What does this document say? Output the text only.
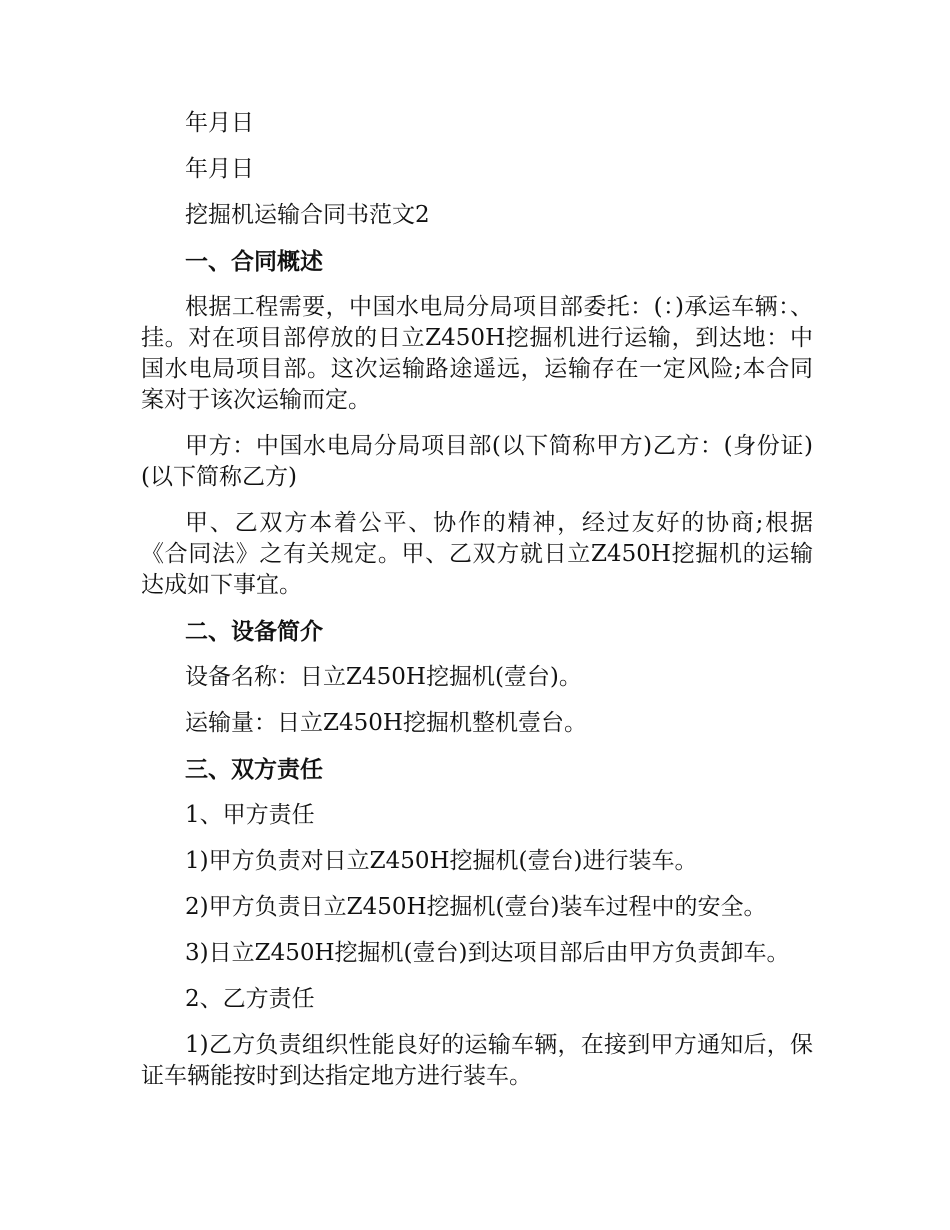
年月日

年月日

挖掘机运输合同书范文2

一、合同概述

根据工程需要，中国水电局分局项目部委托：(：)承运车辆：、挂。对在项目部停放的日立Z450H挖掘机进行运输，到达地：中国水电局项目部。这次运输路途遥远，运输存在一定风险;本合同案对于该次运输而定。

甲方：中国水电局分局项目部(以下简称甲方)乙方：(身份证)(以下简称乙方)

甲、乙双方本着公平、协作的精神，经过友好的协商;根据《合同法》之有关规定。甲、乙双方就日立Z450H挖掘机的运输达成如下事宜。

二、设备简介

设备名称：日立Z450H挖掘机(壹台)。

运输量：日立Z450H挖掘机整机壹台。

三、双方责任

1、甲方责任

1)甲方负责对日立Z450H挖掘机(壹台)进行装车。

2)甲方负责日立Z450H挖掘机(壹台)装车过程中的安全。

3)日立Z450H挖掘机(壹台)到达项目部后由甲方负责卸车。

2、乙方责任

1)乙方负责组织性能良好的运输车辆，在接到甲方通知后，保证车辆能按时到达指定地方进行装车。
